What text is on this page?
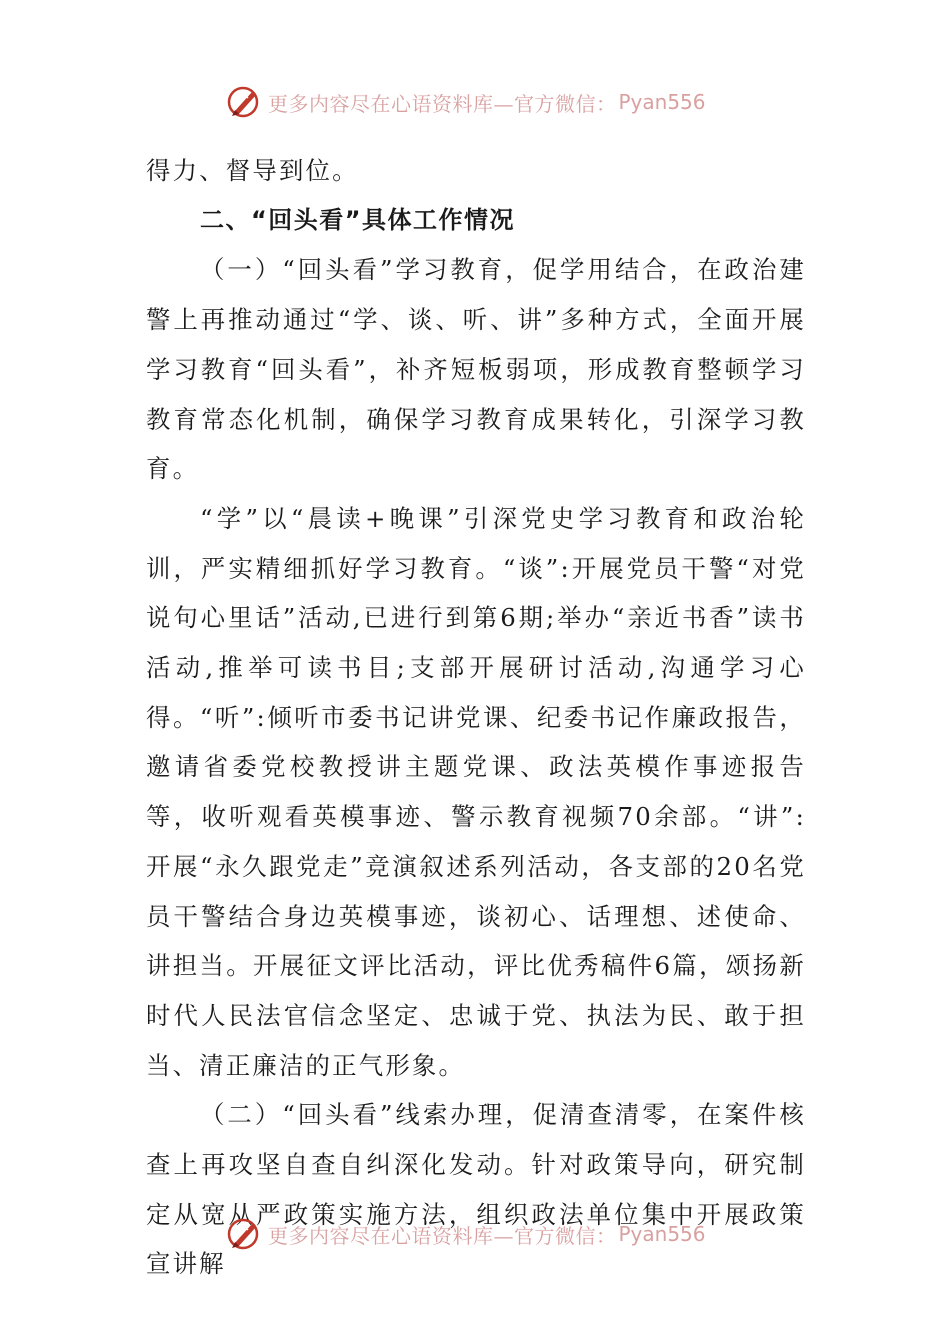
更多内容尽在心语资料库—官方微信： Pyan556

得力、督导到位。

二、“回头看”具体工作情况

（一）“回头看”学习教育，促学用结合，在政治建警上再推动通过“学、谈、听、讲”多种方式，全面开展学习教育“回头看”，补齐短板弱项，形成教育整顿学习教育常态化机制，确保学习教育成果转化，引深学习教育。

“学”以“晨读+晚课”引深党史学习教育和政治轮训，严实精细抓好学习教育。“谈”:开展党员干警“对党说句心里话”活动,已进行到第6期;举办“亲近书香”读书活动,推举可读书目;支部开展研讨活动,沟通学习心得。“听”:倾听市委书记讲党课、纪委书记作廉政报告，邀请省委党校教授讲主题党课、政法英模作事迹报告等，收听观看英模事迹、警示教育视频70余部。“讲”:开展“永久跟党走”竞演叙述系列活动，各支部的20名党员干警结合身边英模事迹，谈初心、话理想、述使命、讲担当。开展征文评比活动，评比优秀稿件6篇，颂扬新时代人民法官信念坚定、忠诚于党、执法为民、敢于担当、清正廉洁的正气形象。

（二）“回头看”线索办理，促清查清零，在案件核查上再攻坚自查自纠深化发动。针对政策导向，研究制定从宽从严政策实施方法，组织政法单位集中开展政策宣讲解

更多内容尽在心语资料库—官方微信： Pyan556
